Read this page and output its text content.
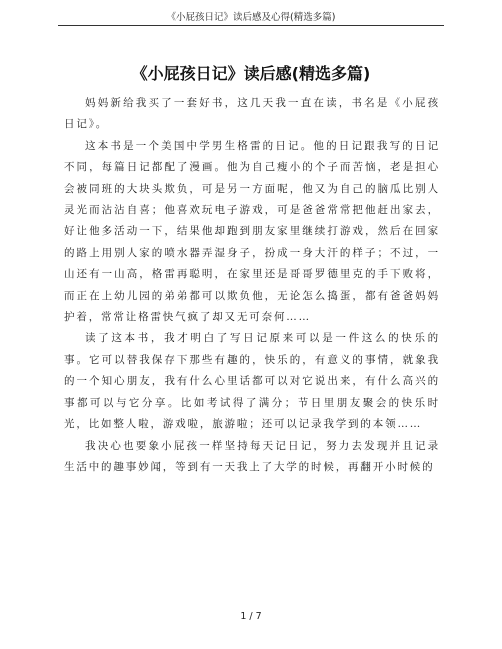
《小屁孩日记》读后感及心得(精选多篇)
《小屁孩日记》读后感(精选多篇)

妈妈新给我买了一套好书，这几天我一直在读，书名是《小屁孩日记》。

这本书是一个美国中学男生格雷的日记。他的日记跟我写的日记不同，每篇日记都配了漫画。他为自己瘦小的个子而苦恼，老是担心会被同班的大块头欺负，可是另一方面呢，他又为自己的脑瓜比别人灵光而沾沾自喜；他喜欢玩电子游戏，可是爸爸常常把他赶出家去，好让他多活动一下，结果他却跑到朋友家里继续打游戏，然后在回家的路上用别人家的喷水器弄湿身子，扮成一身大汗的样子；不过，一山还有一山高，格雷再聪明，在家里还是哥哥罗德里克的手下败将，而正在上幼儿园的弟弟都可以欺负他，无论怎么捣蛋，都有爸爸妈妈护着，常常让格雷快气疯了却又无可奈何……

读了这本书，我才明白了写日记原来可以是一件这么的快乐的事。它可以替我保存下那些有趣的，快乐的，有意义的事情，就象我的一个知心朋友，我有什么心里话都可以对它说出来，有什么高兴的事都可以与它分享。比如考试得了满分；节日里朋友聚会的快乐时光，比如整人啦，游戏啦，旅游啦；还可以记录我学到的本领……

我决心也要象小屁孩一样坚持每天记日记，努力去发现并且记录生活中的趣事妙闻，等到有一天我上了大学的时候，再翻开小时候的

1 / 7
